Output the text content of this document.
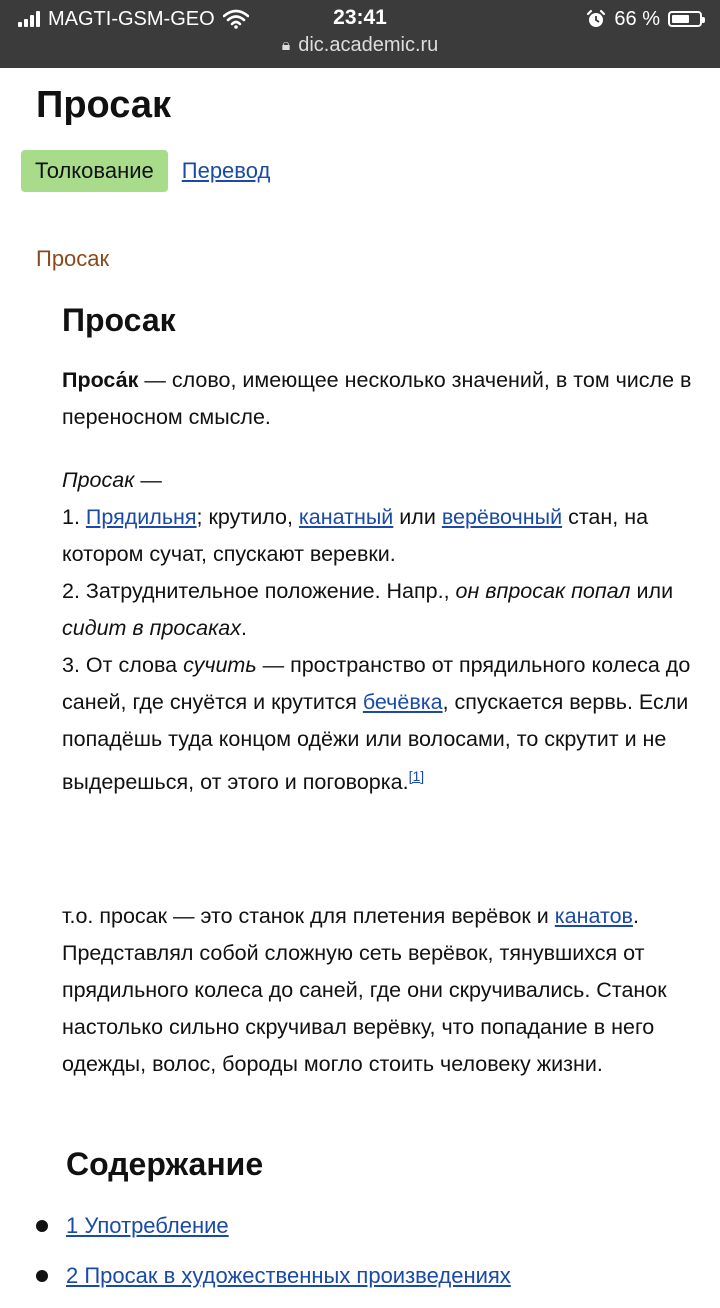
MAGTI-GSM-GEO	23:41	66 %
🔒︎ dic.academic.ru
Просак
Толкование	Перевод
Просак
Просак

Проса́к — слово, имеющее несколько значений, в том числе в переносном смысле.

Просак —
1. Прядильня; крутило, канатный или верёвочный стан, на котором сучат, спускают веревки.
2. Затруднительное положение. Напр., он впросак попал или сидит в просаках.
3. От слова сучить — пространство от прядильного колеса до саней, где снуётся и крутится бечёвка, спускается вервь. Если попадёшь туда концом одёжи или волосами, то скрутит и не выдерешься, от этого и поговорка.[1]

т.о. просак — это станок для плетения верёвок и канатов. Представлял собой сложную сеть верёвок, тянувшихся от прядильного колеса до саней, где они скручивались. Станок настолько сильно скручивал верёвку, что попадание в него одежды, волос, бороды могло стоить человеку жизни.

Содержание
1 Употребление
2 Просак в художественных произведениях
